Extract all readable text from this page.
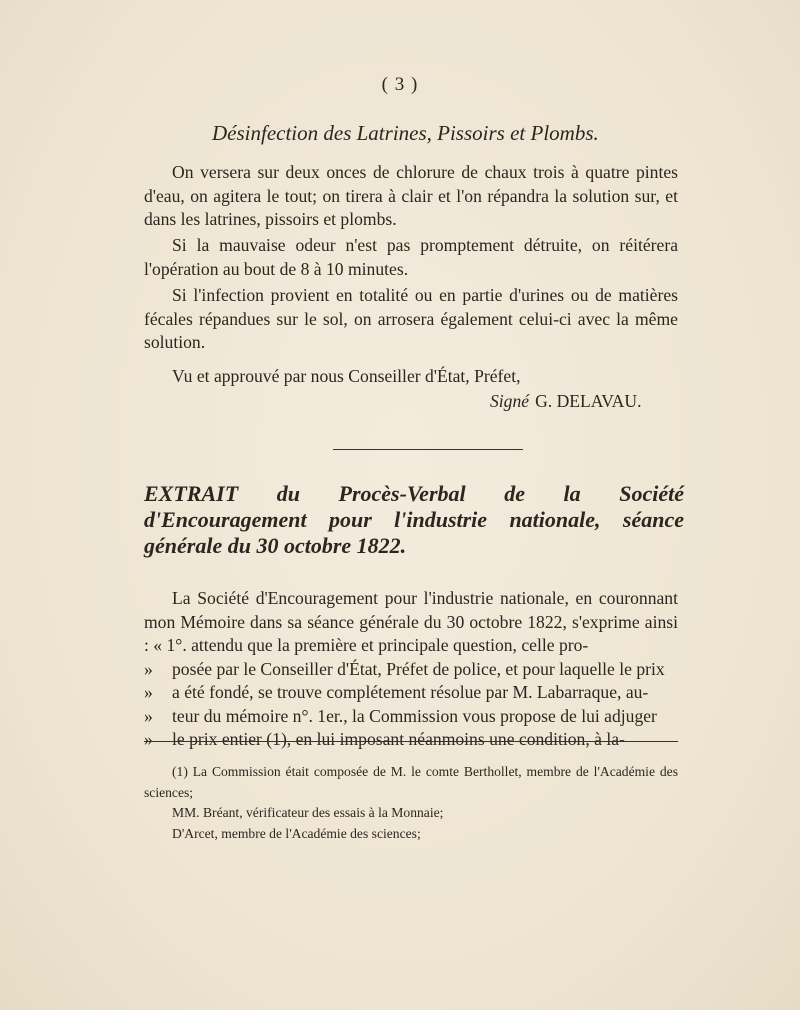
( 3 )
Désinfection des Latrines, Pissoirs et Plombs.

On versera sur deux onces de chlorure de chaux trois à quatre pintes d'eau, on agitera le tout; on tirera à clair et l'on répandra la solution sur, et dans les latrines, pissoirs et plombs.

Si la mauvaise odeur n'est pas promptement détruite, on réitérera l'opération au bout de 8 à 10 minutes.

Si l'infection provient en totalité ou en partie d'urines ou de matières fécales répandues sur le sol, on arrosera également celui-ci avec la même solution.

Vu et approuvé par nous Conseiller d'État, Préfet,
Signé G. DELAVAU.
EXTRAIT du Procès-Verbal de la Société d'Encouragement pour l'industrie nationale, séance générale du 30 octobre 1822.
La Société d'Encouragement pour l'industrie nationale, en couronnant mon Mémoire dans sa séance générale du 30 octobre 1822, s'exprime ainsi : « 1°. attendu que la première et principale question, celle pro-
» posée par le Conseiller d'État, Préfet de police, et pour laquelle le prix
» a été fondé, se trouve complétement résolue par M. Labarraque, au-
» teur du mémoire n°. 1er., la Commission vous propose de lui adjuger
» le prix entier (1), en lui imposant néanmoins une condition, à la-
(1) La Commission était composée de M. le comte Berthollet, membre de l'Académie des sciences;
MM. Bréant, vérificateur des essais à la Monnaie;
D'Arcet, membre de l'Académie des sciences;
